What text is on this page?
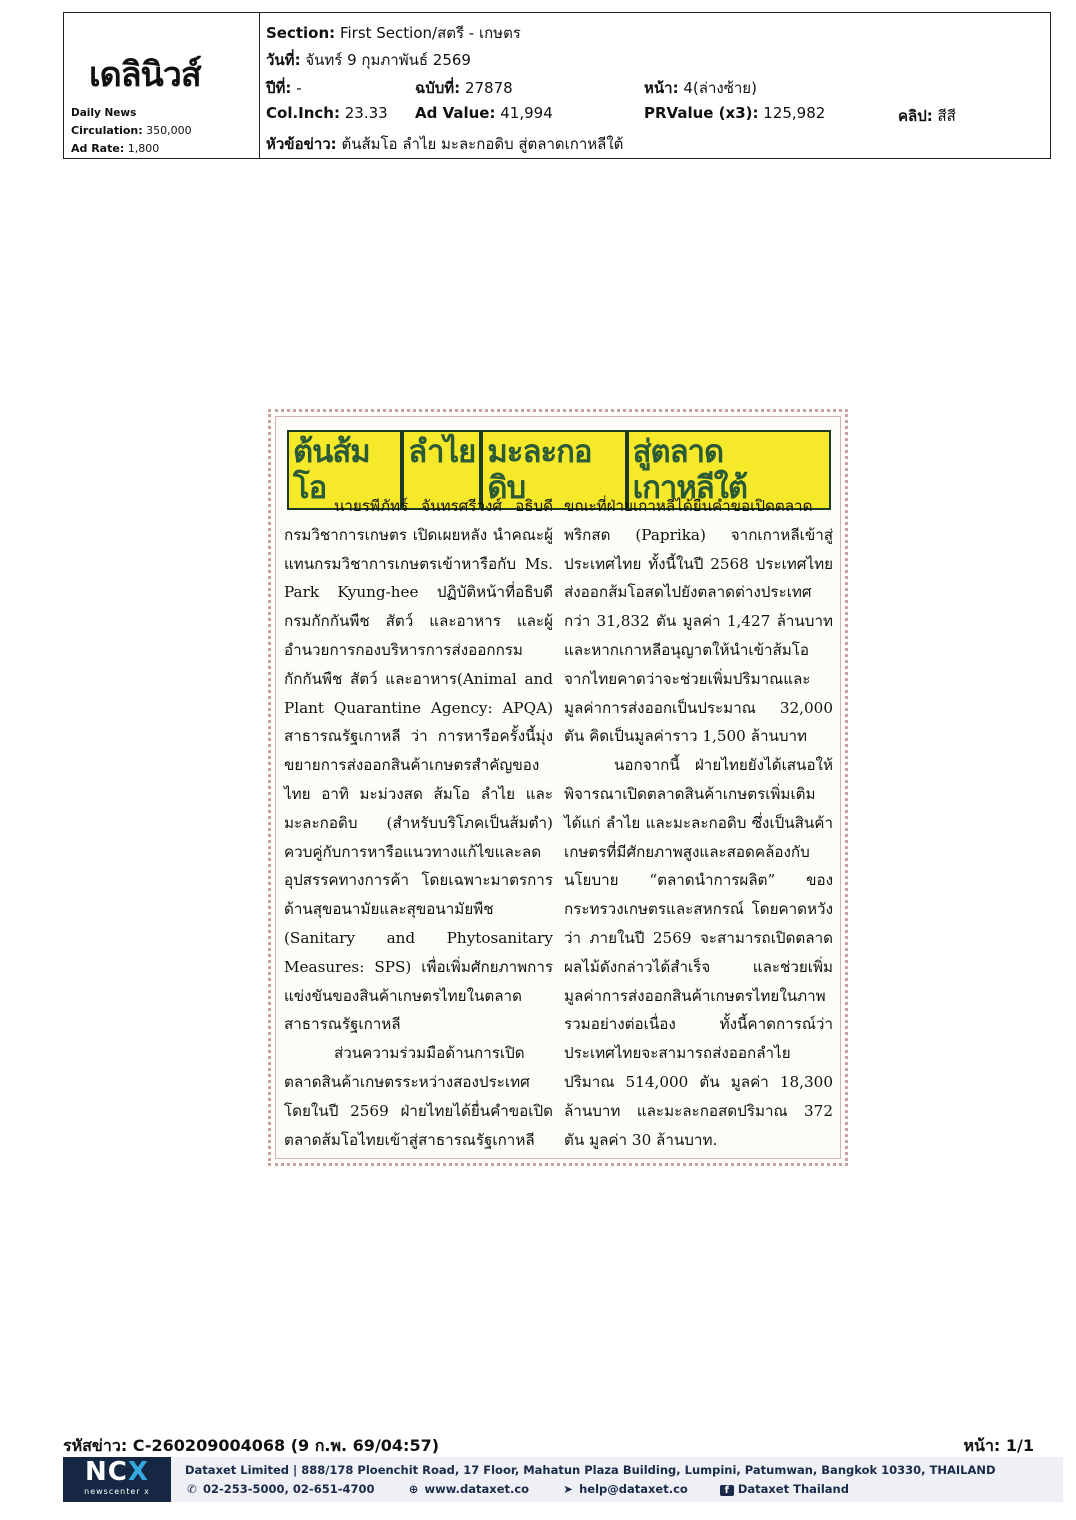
เดลินิวส์
Daily News
Circulation: 350,000
Ad Rate: 1,800
Section: First Section/สตรี - เกษตร
วันที่: จันทร์ 9 กุมภาพันธ์ 2569
ปีที่: -	ฉบับที่: 27878	หน้า: 4(ล่างซ้าย)
Col.Inch: 23.33 Ad Value: 41,994	PRValue (x3): 125,982	คลิป: สีสี
หัวข้อข่าว: ต้นส้มโอ ลำไย มะละกอดิบ สู่ตลาดเกาหลีใต้
ต้นส้มโอ
ลำไย มะละกอดิบ
สู่ตลาดเกาหลีใต้

นายรพีภัทร์ จันทรศรีวงศ์ อธิบดีกรมวิชาการเกษตร เปิดเผยหลัง นำคณะผู้แทนกรมวิชาการเกษตรเข้าหารือกับ Ms. Park Kyung-hee ปฏิบัติหน้าที่อธิบดีกรมกักกันพืช สัตว์ และอาหาร และผู้อำนวยการกองบริหารการส่งออกกรมกักกันพืช สัตว์ และอาหาร(Animal and Plant Quarantine Agency: APQA) สาธารณรัฐเกาหลี ว่า การหารือครั้งนี้มุ่งขยายการส่งออกสินค้าเกษตรสำคัญของไทย อาทิ มะม่วงสด ส้มโอ ลำไย และมะละกอดิบ (สำหรับบริโภคเป็นส้มตำ) ควบคู่กับการหารือแนวทางแก้ไขและลดอุปสรรคทางการค้า โดยเฉพาะมาตรการด้านสุขอนามัยและสุขอนามัยพืช (Sanitary and Phytosanitary Measures: SPS) เพื่อเพิ่มศักยภาพการแข่งขันของสินค้าเกษตรไทยในตลาดสาธารณรัฐเกาหลี

ส่วนความร่วมมือด้านการเปิดตลาดสินค้าเกษตรระหว่างสองประเทศ โดยในปี 2569 ฝ่ายไทยได้ยื่นคำขอเปิดตลาดส้มโอไทยเข้าสู่สาธารณรัฐเกาหลี

ขณะที่ฝ่ายเกาหลีได้ยื่นคำขอเปิดตลาดพริกสด (Paprika) จากเกาหลีเข้าสู่ประเทศไทย ทั้งนี้ในปี 2568 ประเทศไทยส่งออกส้มโอสดไปยังตลาดต่างประเทศกว่า 31,832 ตัน มูลค่า 1,427 ล้านบาท และหากเกาหลีอนุญาตให้นำเข้าส้มโอจากไทยคาดว่าจะช่วยเพิ่มปริมาณและมูลค่าการส่งออกเป็นประมาณ 32,000 ตัน คิดเป็นมูลค่าราว 1,500 ล้านบาท

นอกจากนี้ ฝ่ายไทยยังได้เสนอให้พิจารณาเปิดตลาดสินค้าเกษตรเพิ่มเติม ได้แก่ ลำไย และมะละกอดิบ ซึ่งเป็นสินค้าเกษตรที่มีศักยภาพสูงและสอดคล้องกับนโยบาย “ตลาดนำการผลิต” ของกระทรวงเกษตรและสหกรณ์ โดยคาดหวังว่า ภายในปี 2569 จะสามารถเปิดตลาดผลไม้ดังกล่าวได้สำเร็จ และช่วยเพิ่มมูลค่าการส่งออกสินค้าเกษตรไทยในภาพรวมอย่างต่อเนื่อง ทั้งนี้คาดการณ์ว่า ประเทศไทยจะสามารถส่งออกลำไยปริมาณ 514,000 ตัน มูลค่า 18,300 ล้านบาท และมะละกอสดปริมาณ 372 ตัน มูลค่า 30 ล้านบาท.

รหัสข่าว: C-260209004068 (9 ก.พ. 69/04:57)	หน้า: 1/1
NCX
newscenter x
Dataxet Limited | 888/178 Ploenchit Road, 17 Floor, Mahatun Plaza Building, Lumpini, Patumwan, Bangkok 10330, THAILAND
✆ 02-253-5000, 02-651-4700	⊕ www.dataxet.co	➤ help@dataxet.co	f Dataxet Thailand
